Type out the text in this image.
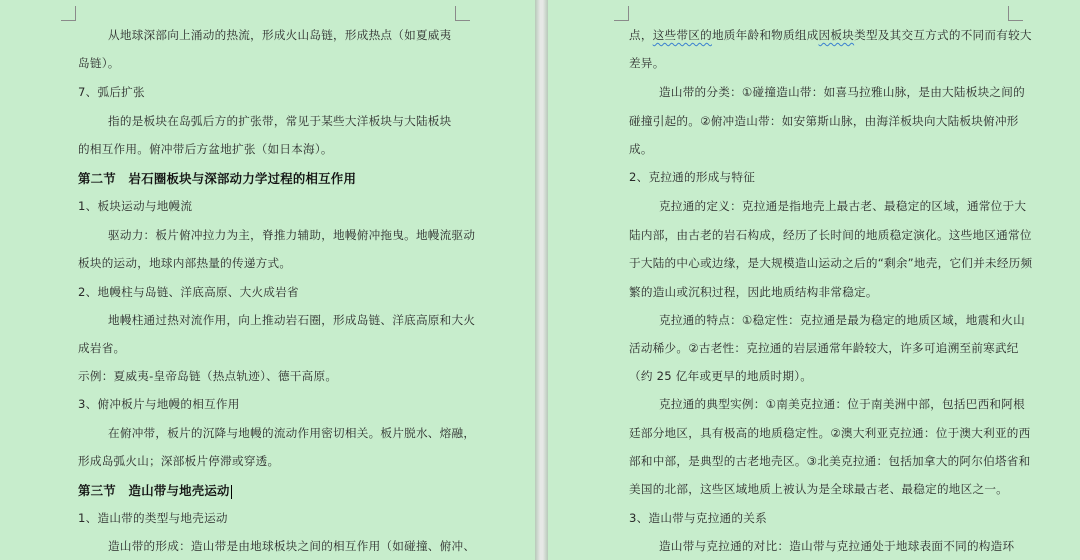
从地球深部向上涌动的热流，形成火山岛链，形成热点（如夏威夷
岛链）。
7、弧后扩张
指的是板块在岛弧后方的扩张带，常见于某些大洋板块与大陆板块
的相互作用。俯冲带后方盆地扩张（如日本海）。
第二节　岩石圈板块与深部动力学过程的相互作用
1、板块运动与地幔流
驱动力：板片俯冲拉力为主，脊推力辅助，地幔俯冲拖曳。地幔流驱动
板块的运动，地球内部热量的传递方式。
2、地幔柱与岛链、洋底高原、大火成岩省
地幔柱通过热对流作用，向上推动岩石圈，形成岛链、洋底高原和大火
成岩省。
示例：夏威夷-皇帝岛链（热点轨迹）、德干高原。
3、俯冲板片与地幔的相互作用
在俯冲带，板片的沉降与地幔的流动作用密切相关。板片脱水、熔融，
形成岛弧火山；深部板片停滞或穿透。
第三节　造山带与地壳运动
1、造山带的类型与地壳运动
造山带的形成：造山带是由地球板块之间的相互作用（如碰撞、俯冲、
点，这些带区的地质年龄和物质组成因板块类型及其交互方式的不同而有较大
差异。
造山带的分类：①碰撞造山带：如喜马拉雅山脉，是由大陆板块之间的
碰撞引起的。②俯冲造山带：如安第斯山脉，由海洋板块向大陆板块俯冲形
成。
2、克拉通的形成与特征
克拉通的定义：克拉通是指地壳上最古老、最稳定的区域，通常位于大
陆内部，由古老的岩石构成，经历了长时间的地质稳定演化。这些地区通常位
于大陆的中心或边缘，是大规模造山运动之后的“剩余”地壳，它们并未经历频
繁的造山或沉积过程，因此地质结构非常稳定。
克拉通的特点：①稳定性：克拉通是最为稳定的地质区域，地震和火山
活动稀少。②古老性：克拉通的岩层通常年龄较大，许多可追溯至前寒武纪
（约 25 亿年或更早的地质时期）。
克拉通的典型实例：①南美克拉通：位于南美洲中部，包括巴西和阿根
廷部分地区，具有极高的地质稳定性。②澳大利亚克拉通：位于澳大利亚的西
部和中部，是典型的古老地壳区。③北美克拉通：包括加拿大的阿尔伯塔省和
美国的北部，这些区域地质上被认为是全球最古老、最稳定的地区之一。
3、造山带与克拉通的关系
造山带与克拉通的对比：造山带与克拉通处于地球表面不同的构造环
